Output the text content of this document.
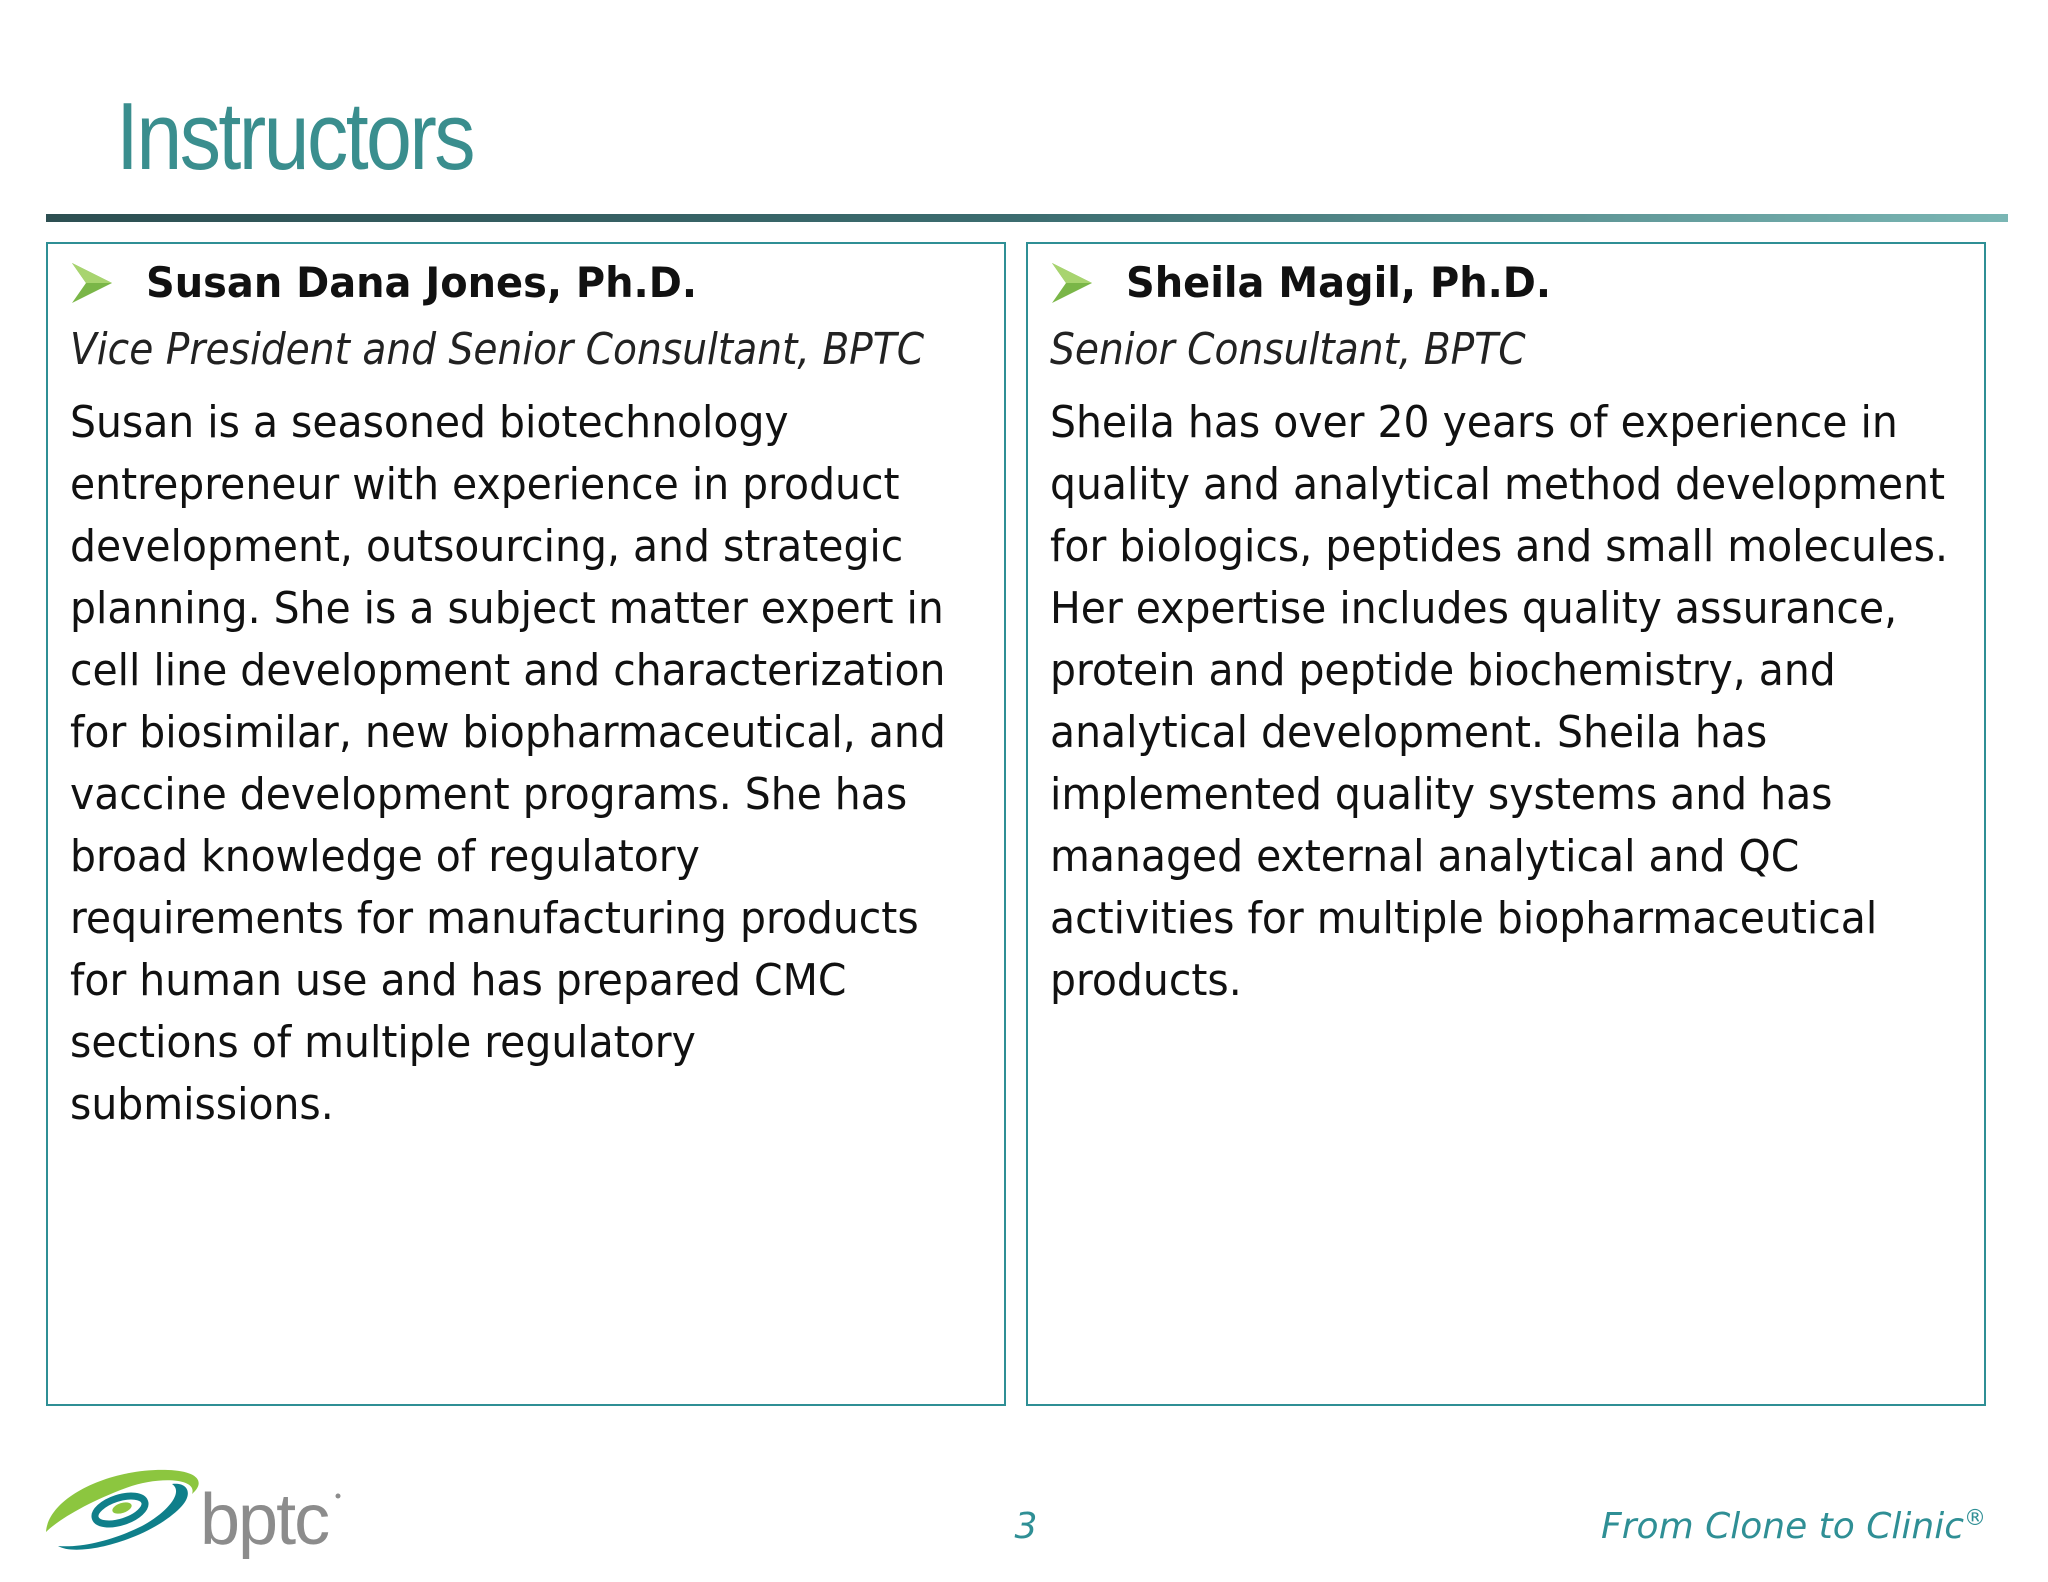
Instructors
Susan Dana Jones, Ph.D.
Vice President and Senior Consultant, BPTC

Susan is a seasoned biotechnology
entrepreneur with experience in product
development, outsourcing, and strategic
planning. She is a subject matter expert in
cell line development and characterization
for biosimilar, new biopharmaceutical, and
vaccine development programs. She has
broad knowledge of regulatory
requirements for manufacturing products
for human use and has prepared CMC
sections of multiple regulatory
submissions.

Sheila Magil, Ph.D.
Senior Consultant, BPTC

Sheila has over 20 years of experience in
quality and analytical method development
for biologics, peptides and small molecules.
Her expertise includes quality assurance,
protein and peptide biochemistry, and
analytical development. Sheila has
implemented quality systems and has
managed external analytical and QC
activities for multiple biopharmaceutical
products.

bptc	3	From Clone to Clinic®
